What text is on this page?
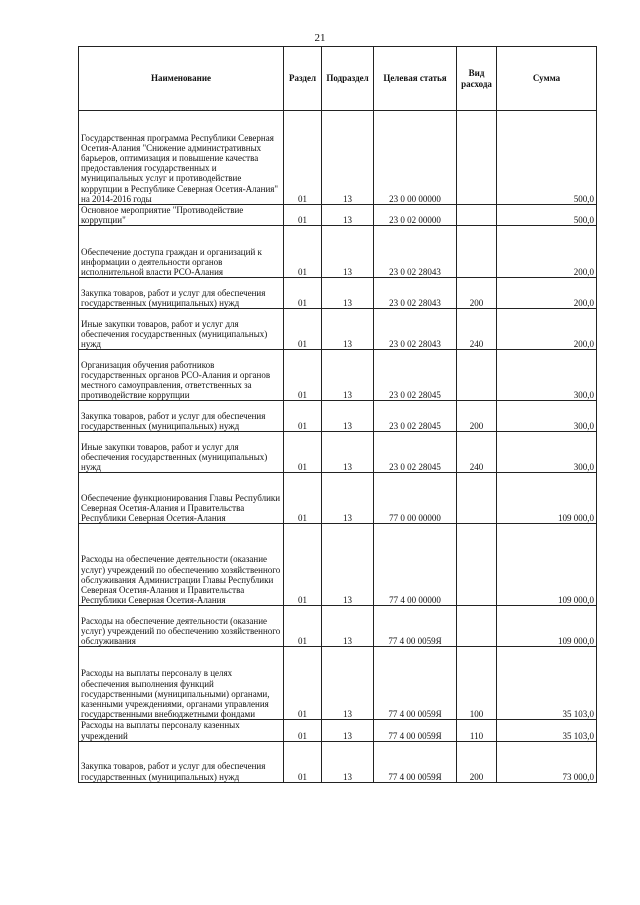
21
Наименование	Раздел	Подраздел	Целевая статья	Вид расхода	Сумма
Государственная программа Республики Северная Осетия-Алания "Снижение административных барьеров, оптимизация и повышение качества предоставления государственных и муниципальных услуг и противодействие коррупции в Республике Северная Осетия-Алания" на 2014-2016 годы	01	13	23 0 00 00000		500,0
Основное мероприятие "Противодействие коррупции"	01	13	23 0 02 00000		500,0
Обеспечение доступа граждан и организаций к информации о деятельности органов исполнительной власти РСО-Алания	01	13	23 0 02 28043		200,0
Закупка товаров, работ и услуг для обеспечения государственных (муниципальных) нужд	01	13	23 0 02 28043	200	200,0
Иные закупки товаров, работ и услуг для обеспечения государственных (муниципальных) нужд	01	13	23 0 02 28043	240	200,0
Организация обучения работников государственных органов РСО-Алания и органов местного самоуправления, ответственных за противодействие коррупции	01	13	23 0 02 28045		300,0
Закупка товаров, работ и услуг для обеспечения государственных (муниципальных) нужд	01	13	23 0 02 28045	200	300,0
Иные закупки товаров, работ и услуг для обеспечения государственных (муниципальных) нужд	01	13	23 0 02 28045	240	300,0
Обеспечение функционирования Главы Республики Северная Осетия-Алания и Правительства Республики Северная Осетия-Алания	01	13	77 0 00 00000		109 000,0
Расходы на обеспечение деятельности (оказание услуг) учреждений по обеспечению хозяйственного обслуживания Администрации Главы Республики Северная Осетия-Алания и Правительства Республики Северная Осетия-Алания	01	13	77 4 00 00000		109 000,0
Расходы на обеспечение деятельности (оказание услуг) учреждений по обеспечению хозяйственного обслуживания	01	13	77 4 00 0059Я		109 000,0
Расходы на выплаты персоналу в целях обеспечения выполнения функций государственными (муниципальными) органами, казенными учреждениями, органами управления государственными внебюджетными фондами	01	13	77 4 00 0059Я	100	35 103,0
Расходы на выплаты персоналу казенных учреждений	01	13	77 4 00 0059Я	110	35 103,0
Закупка товаров, работ и услуг для обеспечения государственных (муниципальных) нужд	01	13	77 4 00 0059Я	200	73 000,0
